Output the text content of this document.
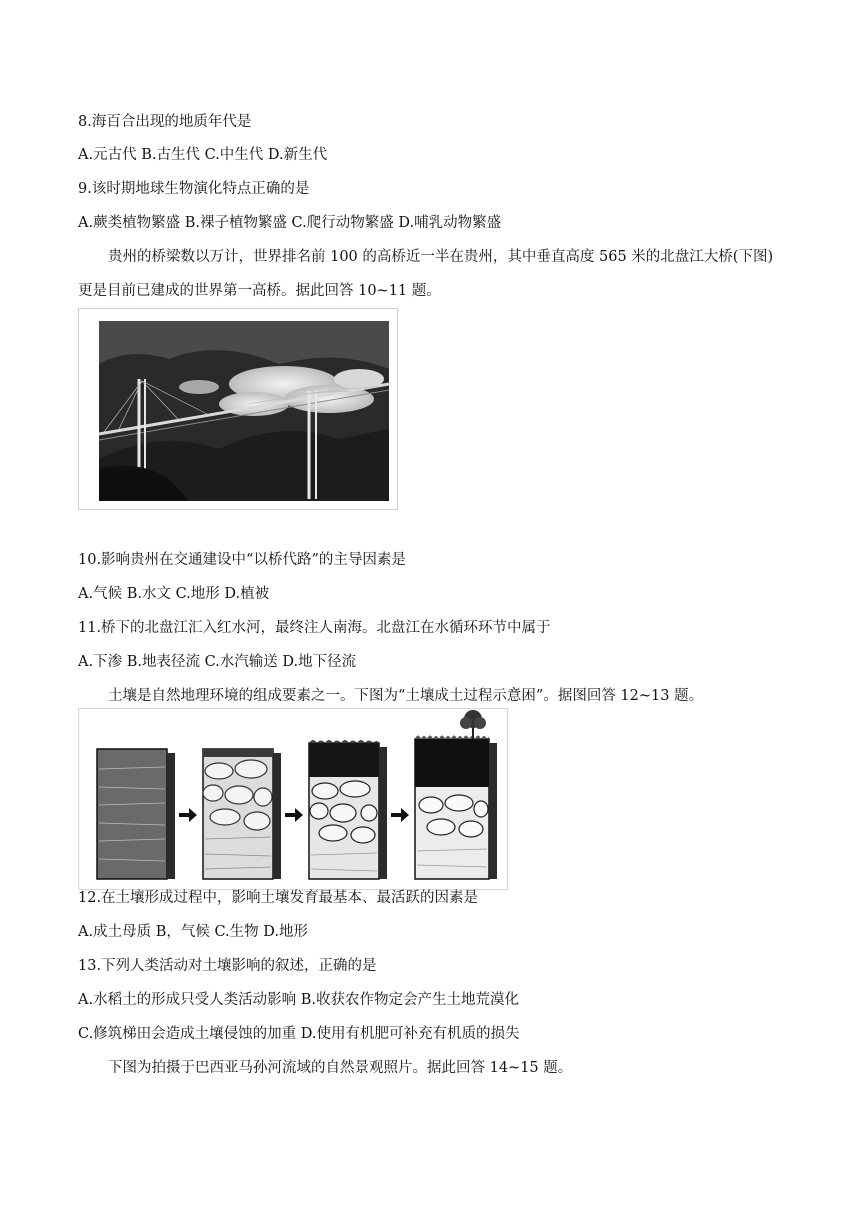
8.海百合出现的地质年代是
A.元古代 B.古生代 C.中生代 D.新生代
9.该时期地球生物演化特点正确的是
A.蕨类植物繁盛 B.裸子植物繁盛 C.爬行动物繁盛 D.哺乳动物繁盛
贵州的桥梁数以万计，世界排名前 100 的高桥近一半在贵州，其中垂直高度 565 米的北盘江大桥(下图)
更是目前已建成的世界第一高桥。据此回答 10~11 题。
10.影响贵州在交通建设中“以桥代路”的主导因素是
A.气候 B.水文 C.地形 D.植被
11.桥下的北盘江汇入红水河，最终注人南海。北盘江在水循环环节中属于
A.下渗 B.地表径流 C.水汽输送 D.地下径流
土壤是自然地理环境的组成要素之一。下图为“土壤成土过程示意困”。据图回答 12~13 题。
12.在土壤形成过程中，影响土壤发育最基本、最活跃的因素是
A.成土母质 B，气候 C.生物 D.地形
13.下列人类活动对土壤影响的叙述，正确的是
A.水稻土的形成只受人类活动影响 B.收获农作物定会产生土地荒漠化
C.修筑梯田会造成土壤侵蚀的加重 D.使用有机肥可补充有机质的损失
下图为拍摄于巴西亚马孙河流域的自然景观照片。据此回答 14~15 题。
